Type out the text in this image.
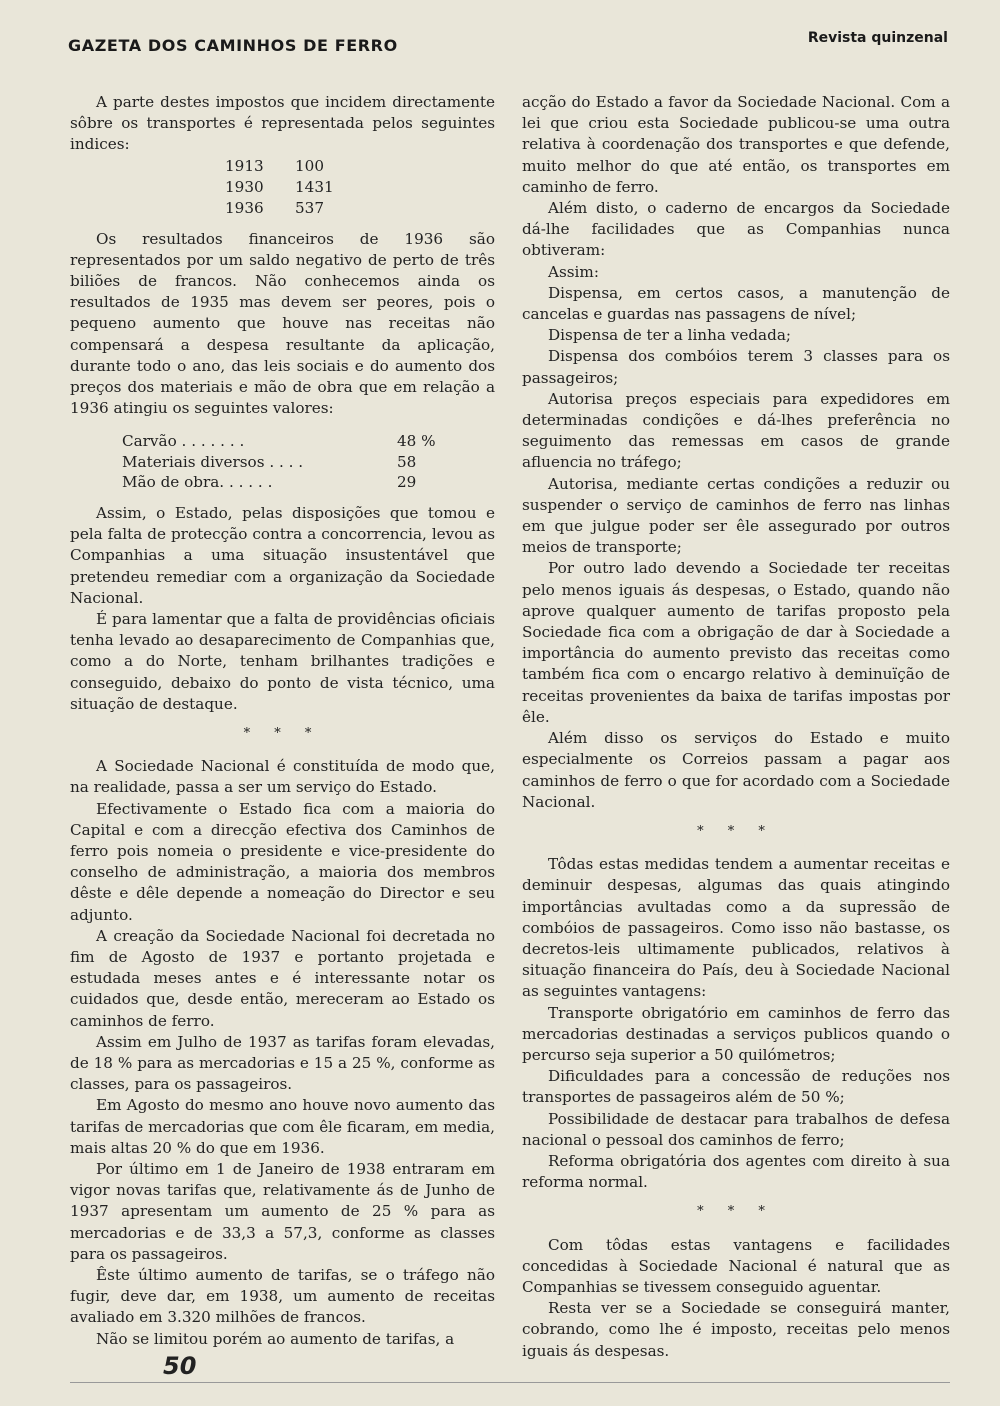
GAZETA DOS CAMINHOS DE FERRO	Revista quinzenal

A parte destes impostos que incidem directamente sôbre os transportes é representada pelos seguintes indices:

1913	100
1930	1431
1936	537

Os resultados financeiros de 1936 são representados por um saldo negativo de perto de três biliões de francos. Não conhecemos ainda os resultados de 1935 mas devem ser peores, pois o pequeno aumento que houve nas receitas não compensará a despesa resultante da aplicação, durante todo o ano, das leis sociais e do aumento dos preços dos materiais e mão de obra que em relação a 1936 atingiu os seguintes valores:

Carvão . . . . . . .	48 %
Materiais diversos . . . .	58
Mão de obra. . . . . .	29

Assim, o Estado, pelas disposições que tomou e pela falta de protecção contra a concorrencia, levou as Companhias a uma situação insustentável que pretendeu remediar com a organização da Sociedade Nacional.

É para lamentar que a falta de providências oficiais tenha levado ao desaparecimento de Companhias que, como a do Norte, tenham brilhantes tradições e conseguido, debaixo do ponto de vista técnico, uma situação de destaque.

* * *

A Sociedade Nacional é constituída de modo que, na realidade, passa a ser um serviço do Estado.

Efectivamente o Estado fica com a maioria do Capital e com a direcção efectiva dos Caminhos de ferro pois nomeia o presidente e vice-presidente do conselho de administração, a maioria dos membros dêste e dêle depende a nomeação do Director e seu adjunto.

A creação da Sociedade Nacional foi decretada no fim de Agosto de 1937 e portanto projetada e estudada meses antes e é interessante notar os cuidados que, desde então, mereceram ao Estado os caminhos de ferro.

Assim em Julho de 1937 as tarifas foram elevadas, de 18 % para as mercadorias e 15 a 25 %, conforme as classes, para os passageiros.

Em Agosto do mesmo ano houve novo aumento das tarifas de mercadorias que com êle ficaram, em media, mais altas 20 % do que em 1936.

Por último em 1 de Janeiro de 1938 entraram em vigor novas tarifas que, relativamente ás de Junho de 1937 apresentam um aumento de 25 % para as mercadorias e de 33,3 a 57,3, conforme as classes para os passageiros.

Êste último aumento de tarifas, se o tráfego não fugir, deve dar, em 1938, um aumento de receitas avaliado em 3.320 milhões de francos.

Não se limitou porém ao aumento de tarifas, a

acção do Estado a favor da Sociedade Nacional. Com a lei que criou esta Sociedade publicou-se uma outra relativa à coordenação dos transportes e que defende, muito melhor do que até então, os transportes em caminho de ferro.

Além disto, o caderno de encargos da Sociedade dá-lhe facilidades que as Companhias nunca obtiveram:

Assim:

Dispensa, em certos casos, a manutenção de cancelas e guardas nas passagens de nível;

Dispensa de ter a linha vedada;

Dispensa dos combóios terem 3 classes para os passageiros;

Autorisa preços especiais para expedidores em determinadas condições e dá-lhes preferência no seguimento das remessas em casos de grande afluencia no tráfego;

Autorisa, mediante certas condições a reduzir ou suspender o serviço de caminhos de ferro nas linhas em que julgue poder ser êle assegurado por outros meios de transporte;

Por outro lado devendo a Sociedade ter receitas pelo menos iguais ás despesas, o Estado, quando não aprove qualquer aumento de tarifas proposto pela Sociedade fica com a obrigação de dar à Sociedade a importância do aumento previsto das receitas como também fica com o encargo relativo à deminuïção de receitas provenientes da baixa de tarifas impostas por êle.

Além disso os serviços do Estado e muito especialmente os Correios passam a pagar aos caminhos de ferro o que for acordado com a Sociedade Nacional.

* * *

Tôdas estas medidas tendem a aumentar receitas e deminuir despesas, algumas das quais atingindo importâncias avultadas como a da supressão de combóios de passageiros. Como isso não bastasse, os decretos-leis ultimamente publicados, relativos à situação financeira do País, deu à Sociedade Nacional as seguintes vantagens:

Transporte obrigatório em caminhos de ferro das mercadorias destinadas a serviços publicos quando o percurso seja superior a 50 quilómetros;

Dificuldades para a concessão de reduções nos transportes de passageiros além de 50 %;

Possibilidade de destacar para trabalhos de defesa nacional o pessoal dos caminhos de ferro;

Reforma obrigatória dos agentes com direito à sua reforma normal.

* * *

Com tôdas estas vantagens e facilidades concedidas à Sociedade Nacional é natural que as Companhias se tivessem conseguido aguentar.

Resta ver se a Sociedade se conseguirá manter, cobrando, como lhe é imposto, receitas pelo menos iguais ás despesas.

50
